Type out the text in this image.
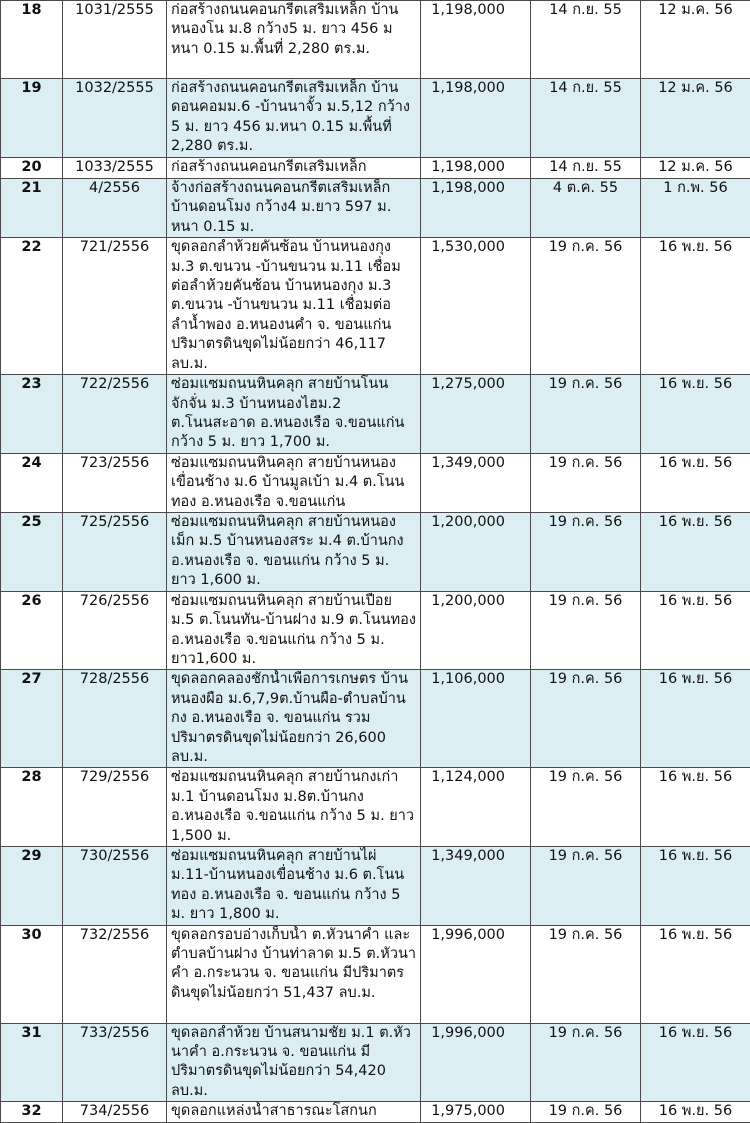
18	1031/2555	ก่อสร้างถนนคอนกรีตเสริมเหล็ก บ้านหนองโน ม.8 กว้าง5 ม. ยาว 456 ม หนา 0.15 ม.พื้นที่ 2,280 ตร.ม.	1,198,000	14 ก.ย. 55	12 ม.ค. 56
19	1032/2555	ก่อสร้างถนนคอนกรีตเสริมเหล็ก บ้านดอนคอมม.6 -บ้านนาจั้ว ม.5,12 กว้าง 5 ม. ยาว 456 ม.หนา 0.15 ม.พื้นที่ 2,280 ตร.ม.	1,198,000	14 ก.ย. 55	12 ม.ค. 56
20	1033/2555	ก่อสร้างถนนคอนกรีตเสริมเหล็ก	1,198,000	14 ก.ย. 55	12 ม.ค. 56
21	4/2556	จ้างก่อสร้างถนนคอนกรีตเสริมเหล็ก บ้านดอนโมง กว้าง4 ม.ยาว 597 ม. หนา 0.15 ม.	1,198,000	4 ต.ค. 55	1 ก.พ. 56
22	721/2556	ขุดลอกลำห้วยคันซ้อน บ้านหนองกุง ม.3 ต.ขนวน -บ้านขนวน ม.11 เชื่อมต่อลำห้วยคันซ้อน บ้านหนองกุง ม.3 ต.ขนวน -บ้านขนวน ม.11 เชื่อมต่อลำน้ำพอง อ.หนองนคำ จ. ขอนแก่น ปริมาตรดินขุดไม่น้อยกว่า 46,117 ลบ.ม.	1,530,000	19 ก.ค. 56	16 พ.ย. 56
23	722/2556	ซ่อมแซมถนนหินคลุก สายบ้านโนนจักจั่น ม.3 บ้านหนองไฮม.2 ต.โนนสะอาด อ.หนองเรือ จ.ขอนแก่น กว้าง 5 ม. ยาว 1,700 ม.	1,275,000	19 ก.ค. 56	16 พ.ย. 56
24	723/2556	ซ่อมแซมถนนหินคลุก สายบ้านหนองเขื่อนช้าง ม.6 บ้านมูลเบ้า ม.4 ต.โนนทอง อ.หนองเรือ จ.ขอนแก่น	1,349,000	19 ก.ค. 56	16 พ.ย. 56
25	725/2556	ซ่อมแซมถนนหินคลุก สายบ้านหนองเม็ก ม.5 บ้านหนองสระ ม.4 ต.บ้านกง อ.หนองเรือ จ. ขอนแก่น กว้าง 5 ม. ยาว 1,600 ม.	1,200,000	19 ก.ค. 56	16 พ.ย. 56
26	726/2556	ซ่อมแซมถนนหินคลุก สายบ้านเปือย ม.5 ต.โนนทัน-บ้านฝาง ม.9 ต.โนนทอง อ.หนองเรือ จ.ขอนแก่น กว้าง 5 ม. ยาว1,600 ม.	1,200,000	19 ก.ค. 56	16 พ.ย. 56
27	728/2556	ขุดลอกคลองชักน้ำเพื่อการเกษตร บ้านหนองผือ ม.6,7,9ต.บ้านผือ-ตำบลบ้านกง อ.หนองเรือ จ. ขอนแก่น รวมปริมาตรดินขุดไม่น้อยกว่า 26,600 ลบ.ม.	1,106,000	19 ก.ค. 56	16 พ.ย. 56
28	729/2556	ซ่อมแซมถนนหินคลุก สายบ้านกงเก่า ม.1 บ้านดอนโมง ม.8ต.บ้านกง อ.หนองเรือ จ.ขอนแก่น กว้าง 5 ม. ยาว 1,500 ม.	1,124,000	19 ก.ค. 56	16 พ.ย. 56
29	730/2556	ซ่อมแซมถนนหินคลุก สายบ้านไผ่ ม.11-บ้านหนองเขื่อนช้าง ม.6 ต.โนนทอง อ.หนองเรือ จ. ขอนแก่น กว้าง 5 ม. ยาว 1,800 ม.	1,349,000	19 ก.ค. 56	16 พ.ย. 56
30	732/2556	ขุดลอกรอบอ่างเก็บน้ำ ต.หัวนาคำ และตำบลบ้านฝาง บ้านท่าลาด ม.5 ต.หัวนาคำ อ.กระนวน จ. ขอนแก่น มีปริมาตรดินขุดไม่น้อยกว่า 51,437 ลบ.ม.	1,996,000	19 ก.ค. 56	16 พ.ย. 56
31	733/2556	ขุดลอกลำห้วย บ้านสนามชัย ม.1 ต.หัวนาคำ อ.กระนวน จ. ขอนแก่น มีปริมาตรดินขุดไม่น้อยกว่า 54,420 ลบ.ม.	1,996,000	19 ก.ค. 56	16 พ.ย. 56
32	734/2556	ขุดลอกแหล่งน้ำสาธารณะโสกนก	1,975,000	19 ก.ค. 56	16 พ.ย. 56
